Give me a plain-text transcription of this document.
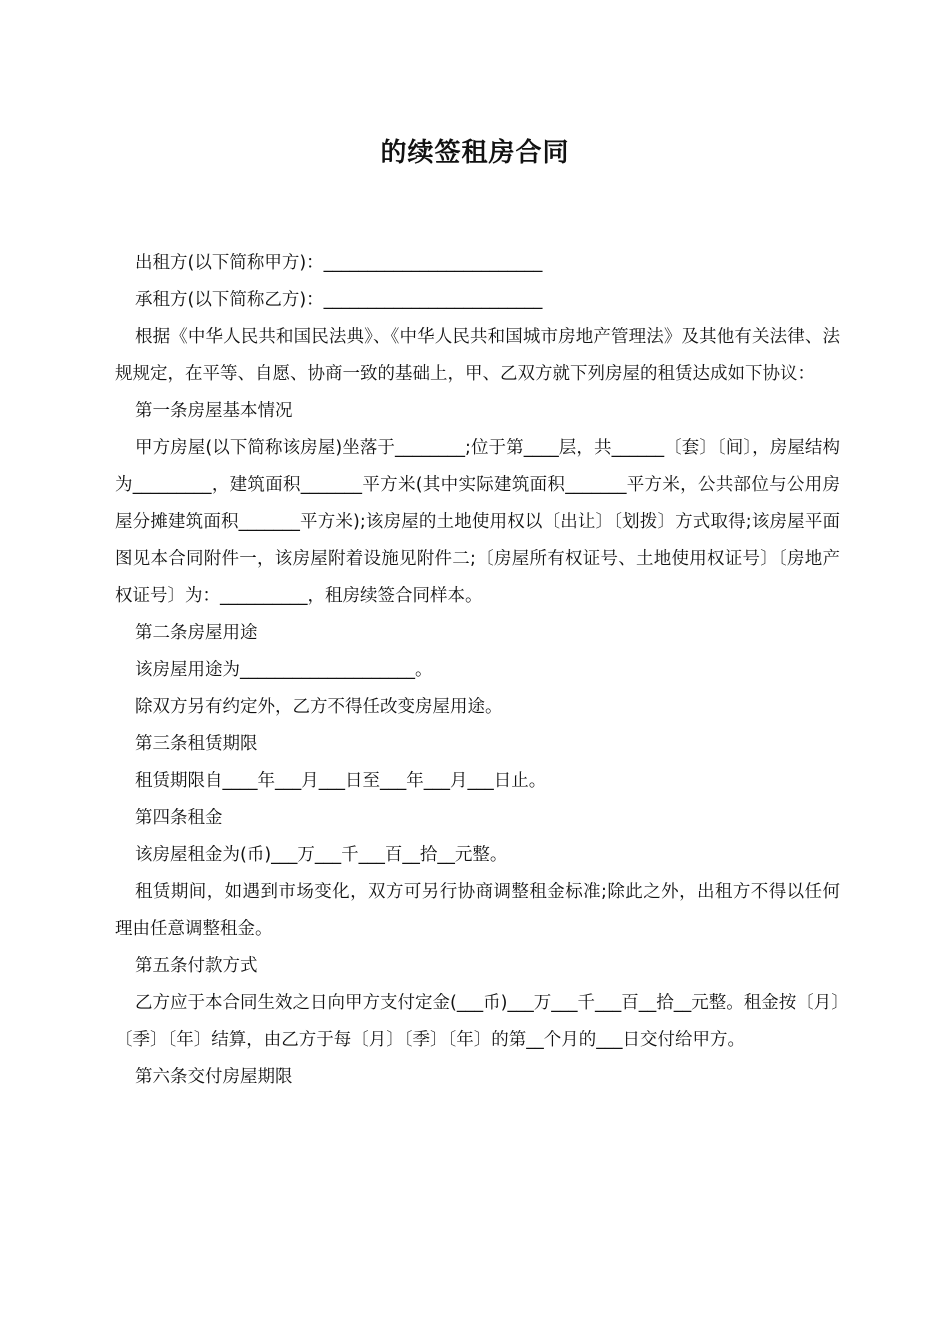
的续签租房合同

出租方(以下简称甲方)：_________________________

承租方(以下简称乙方)：_________________________

根据《中华人民共和国民法典》、《中华人民共和国城市房地产管理法》及其他有关法律、法规规定，在平等、自愿、协商一致的基础上，甲、乙双方就下列房屋的租赁达成如下协议：

第一条房屋基本情况

甲方房屋(以下简称该房屋)坐落于________;位于第____层，共______〔套〕〔间〕，房屋结构为_________，建筑面积_______平方米(其中实际建筑面积_______平方米，公共部位与公用房屋分摊建筑面积_______平方米);该房屋的土地使用权以〔出让〕〔划拨〕方式取得;该房屋平面图见本合同附件一，该房屋附着设施见附件二;〔房屋所有权证号、土地使用权证号〕〔房地产权证号〕为：__________，租房续签合同样本。

第二条房屋用途

该房屋用途为____________________。

除双方另有约定外，乙方不得任改变房屋用途。

第三条租赁期限

租赁期限自____年___月___日至___年___月___日止。

第四条租金

该房屋租金为(币)___万___千___百__拾__元整。

租赁期间，如遇到市场变化，双方可另行协商调整租金标准;除此之外，出租方不得以任何理由任意调整租金。

第五条付款方式

乙方应于本合同生效之日向甲方支付定金(___币)___万___千___百__拾__元整。租金按〔月〕〔季〕〔年〕结算，由乙方于每〔月〕〔季〕〔年〕的第__个月的___日交付给甲方。

第六条交付房屋期限
